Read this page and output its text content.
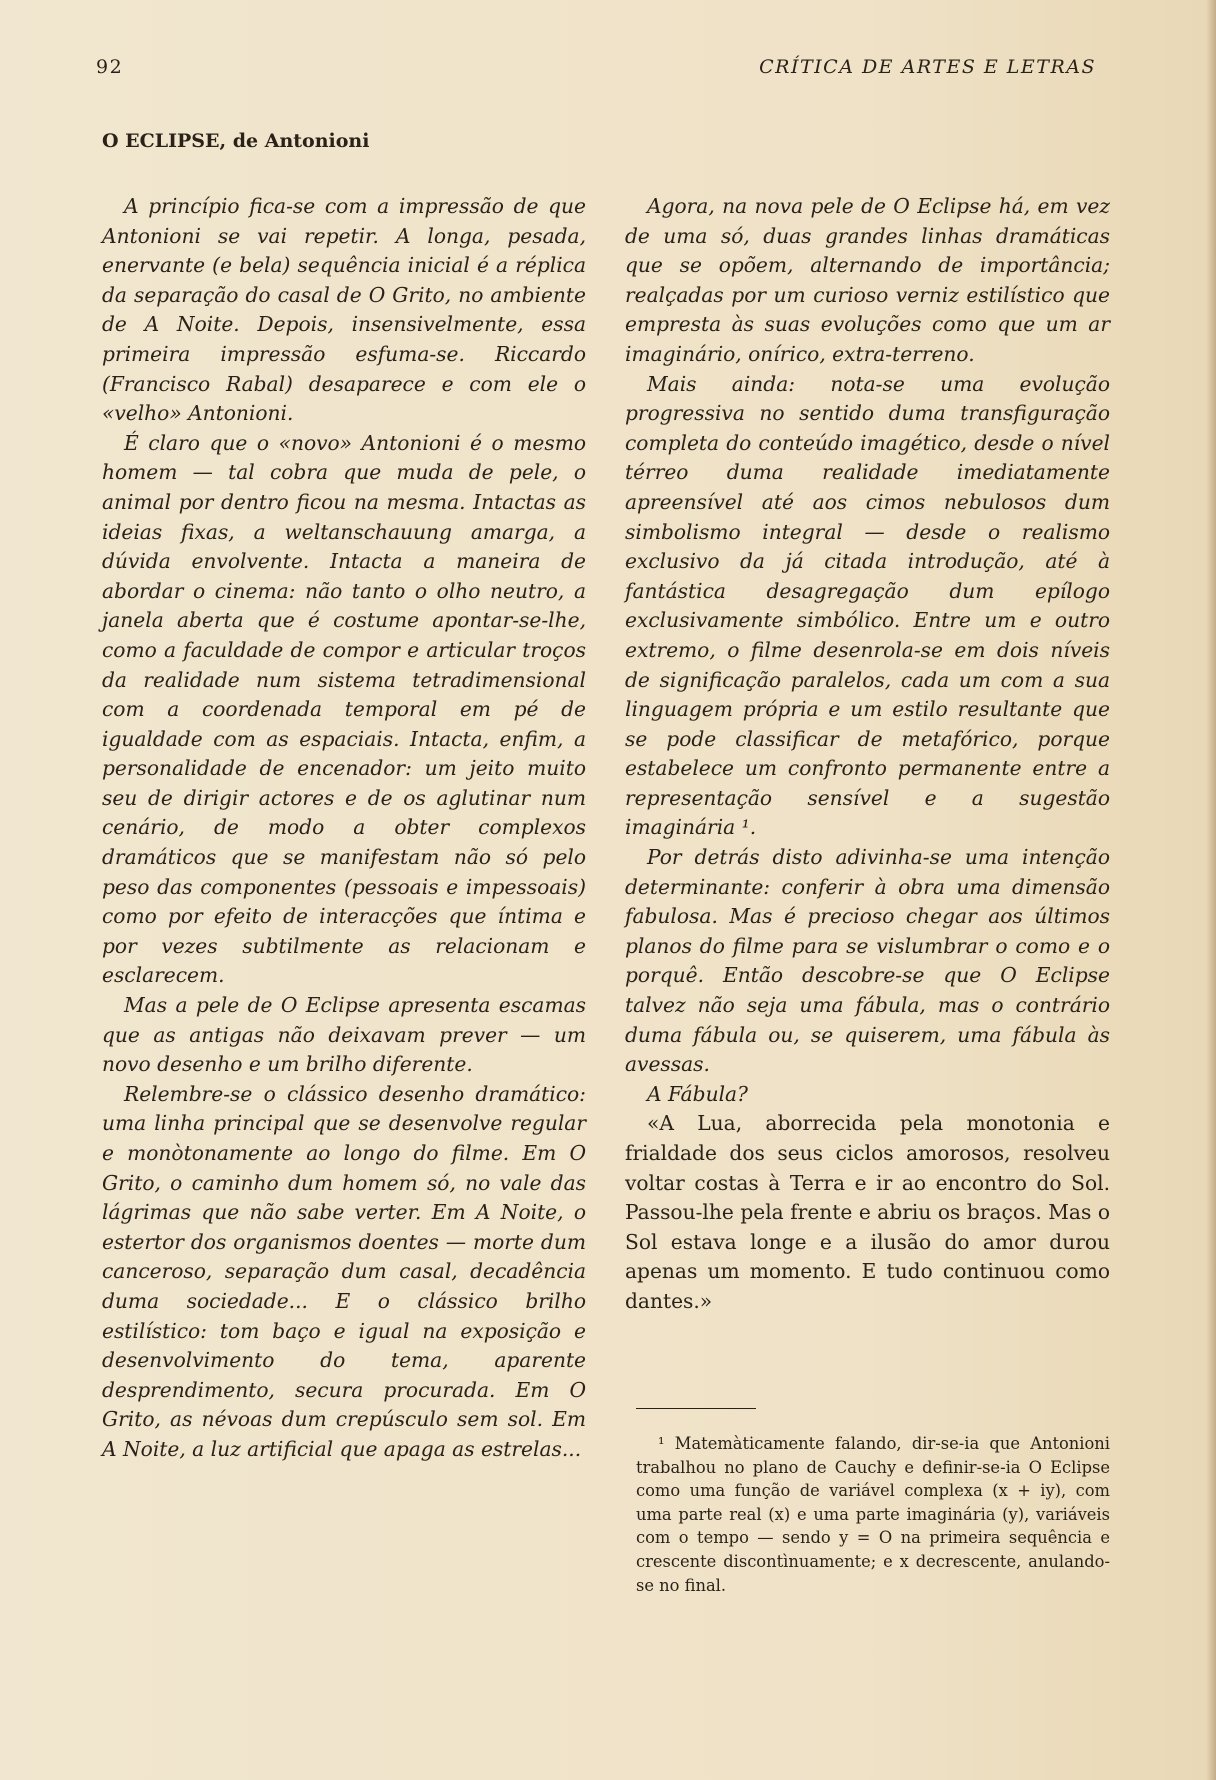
92	CRÍTICA DE ARTES E LETRAS
O ECLIPSE, de Antonioni

A princípio fica-se com a impressão de que Antonioni se vai repetir. A longa, pesada, enervante (e bela) sequência inicial é a réplica da separação do casal de O Grito, no ambiente de A Noite. Depois, insensivelmente, essa primeira impressão esfuma-se. Riccardo (Francisco Rabal) desaparece e com ele o «velho» Antonioni.

É claro que o «novo» Antonioni é o mesmo homem — tal cobra que muda de pele, o animal por dentro ficou na mesma. Intactas as ideias fixas, a weltanschauung amarga, a dúvida envolvente. Intacta a maneira de abordar o cinema: não tanto o olho neutro, a janela aberta que é costume apontar-se-lhe, como a faculdade de compor e articular troços da realidade num sistema tetradimensional com a coordenada temporal em pé de igualdade com as espaciais. Intacta, enfim, a personalidade de encenador: um jeito muito seu de dirigir actores e de os aglutinar num cenário, de modo a obter complexos dramáticos que se manifestam não só pelo peso das componentes (pessoais e impessoais) como por efeito de interacções que íntima e por vezes subtilmente as relacionam e esclarecem.

Mas a pele de O Eclipse apresenta escamas que as antigas não deixavam prever — um novo desenho e um brilho diferente.

Relembre-se o clássico desenho dramático: uma linha principal que se desenvolve regular e monòtonamente ao longo do filme. Em O Grito, o caminho dum homem só, no vale das lágrimas que não sabe verter. Em A Noite, o estertor dos organismos doentes — morte dum canceroso, separação dum casal, decadência duma sociedade... E o clássico brilho estilístico: tom baço e igual na exposição e desenvolvimento do tema, aparente desprendimento, secura procurada. Em O Grito, as névoas dum crepúsculo sem sol. Em A Noite, a luz artificial que apaga as estrelas...

Agora, na nova pele de O Eclipse há, em vez de uma só, duas grandes linhas dramáticas que se opõem, alternando de importância; realçadas por um curioso verniz estilístico que empresta às suas evoluções como que um ar imaginário, onírico, extra-terreno.

Mais ainda: nota-se uma evolução progressiva no sentido duma transfiguração completa do conteúdo imagético, desde o nível térreo duma realidade imediatamente apreensível até aos cimos nebulosos dum simbolismo integral — desde o realismo exclusivo da já citada introdução, até à fantástica desagregação dum epílogo exclusivamente simbólico. Entre um e outro extremo, o filme desenrola-se em dois níveis de significação paralelos, cada um com a sua linguagem própria e um estilo resultante que se pode classificar de metafórico, porque estabelece um confronto permanente entre a representação sensível e a sugestão imaginária ¹.

Por detrás disto adivinha-se uma intenção determinante: conferir à obra uma dimensão fabulosa. Mas é precioso chegar aos últimos planos do filme para se vislumbrar o como e o porquê. Então descobre-se que O Eclipse talvez não seja uma fábula, mas o contrário duma fábula ou, se quiserem, uma fábula às avessas.

A Fábula?

«A Lua, aborrecida pela monotonia e frialdade dos seus ciclos amorosos, resolveu voltar costas à Terra e ir ao encontro do Sol. Passou-lhe pela frente e abriu os braços. Mas o Sol estava longe e a ilusão do amor durou apenas um momento. E tudo continuou como dantes.»

¹ Matemàticamente falando, dir-se-ia que Antonioni trabalhou no plano de Cauchy e definir-se-ia O Eclipse como uma função de variável complexa (x + iy), com uma parte real (x) e uma parte imaginária (y), variáveis com o tempo — sendo y = O na primeira sequência e crescente discontìnuamente; e x decrescente, anulando-se no final.
